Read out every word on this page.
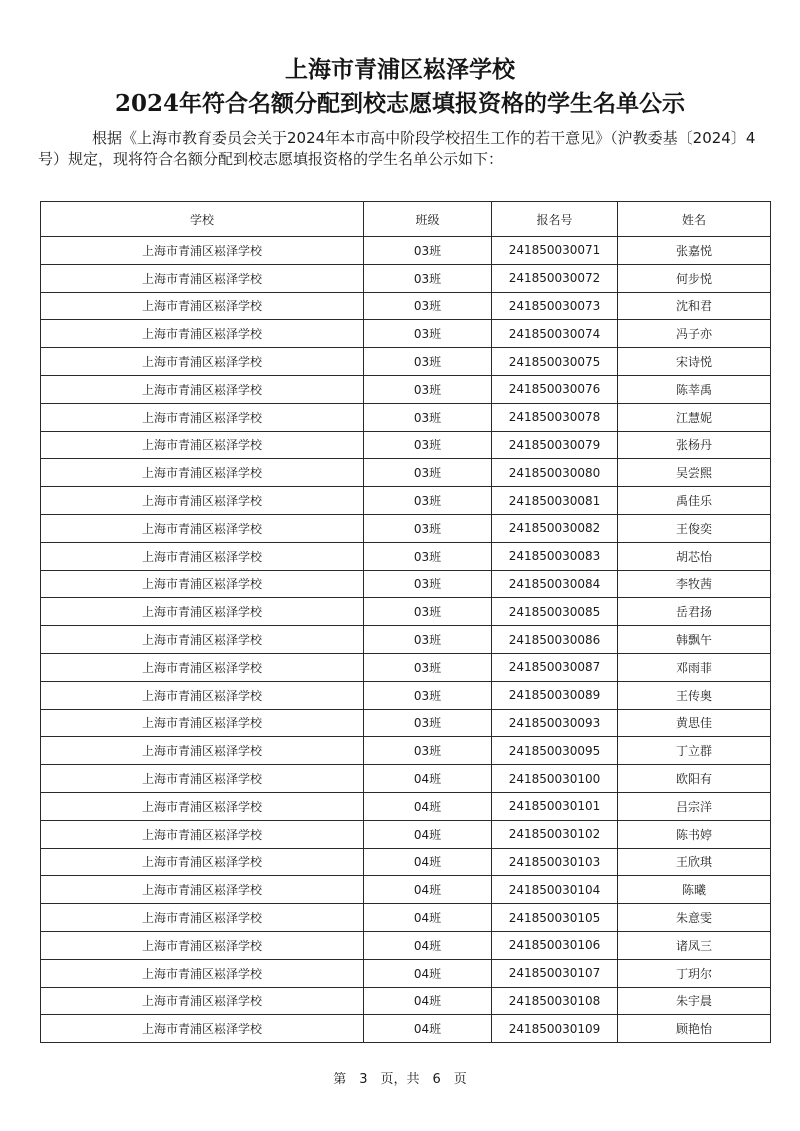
上海市青浦区崧泽学校
2024年符合名额分配到校志愿填报资格的学生名单公示

根据《上海市教育委员会关于2024年本市高中阶段学校招生工作的若干意见》（沪教委基〔2024〕4号）规定，现将符合名额分配到校志愿填报资格的学生名单公示如下：

学校	班级	报名号	姓名
上海市青浦区崧泽学校	03班	241850030071	张嘉悦
上海市青浦区崧泽学校	03班	241850030072	何步悦
上海市青浦区崧泽学校	03班	241850030073	沈和君
上海市青浦区崧泽学校	03班	241850030074	冯子亦
上海市青浦区崧泽学校	03班	241850030075	宋诗悦
上海市青浦区崧泽学校	03班	241850030076	陈莘禹
上海市青浦区崧泽学校	03班	241850030078	江慧妮
上海市青浦区崧泽学校	03班	241850030079	张杨丹
上海市青浦区崧泽学校	03班	241850030080	吴尝熙
上海市青浦区崧泽学校	03班	241850030081	禹佳乐
上海市青浦区崧泽学校	03班	241850030082	王俊奕
上海市青浦区崧泽学校	03班	241850030083	胡芯怡
上海市青浦区崧泽学校	03班	241850030084	李牧茜
上海市青浦区崧泽学校	03班	241850030085	岳君扬
上海市青浦区崧泽学校	03班	241850030086	韩飘午
上海市青浦区崧泽学校	03班	241850030087	邓雨菲
上海市青浦区崧泽学校	03班	241850030089	王传奥
上海市青浦区崧泽学校	03班	241850030093	黄思佳
上海市青浦区崧泽学校	03班	241850030095	丁立群
上海市青浦区崧泽学校	04班	241850030100	欧阳有
上海市青浦区崧泽学校	04班	241850030101	吕宗洋
上海市青浦区崧泽学校	04班	241850030102	陈书婷
上海市青浦区崧泽学校	04班	241850030103	王欣琪
上海市青浦区崧泽学校	04班	241850030104	陈曦
上海市青浦区崧泽学校	04班	241850030105	朱意雯
上海市青浦区崧泽学校	04班	241850030106	诸凤三
上海市青浦区崧泽学校	04班	241850030107	丁玥尔
上海市青浦区崧泽学校	04班	241850030108	朱宇晨
上海市青浦区崧泽学校	04班	241850030109	顾艳怡
第　3　页，共　6　页
